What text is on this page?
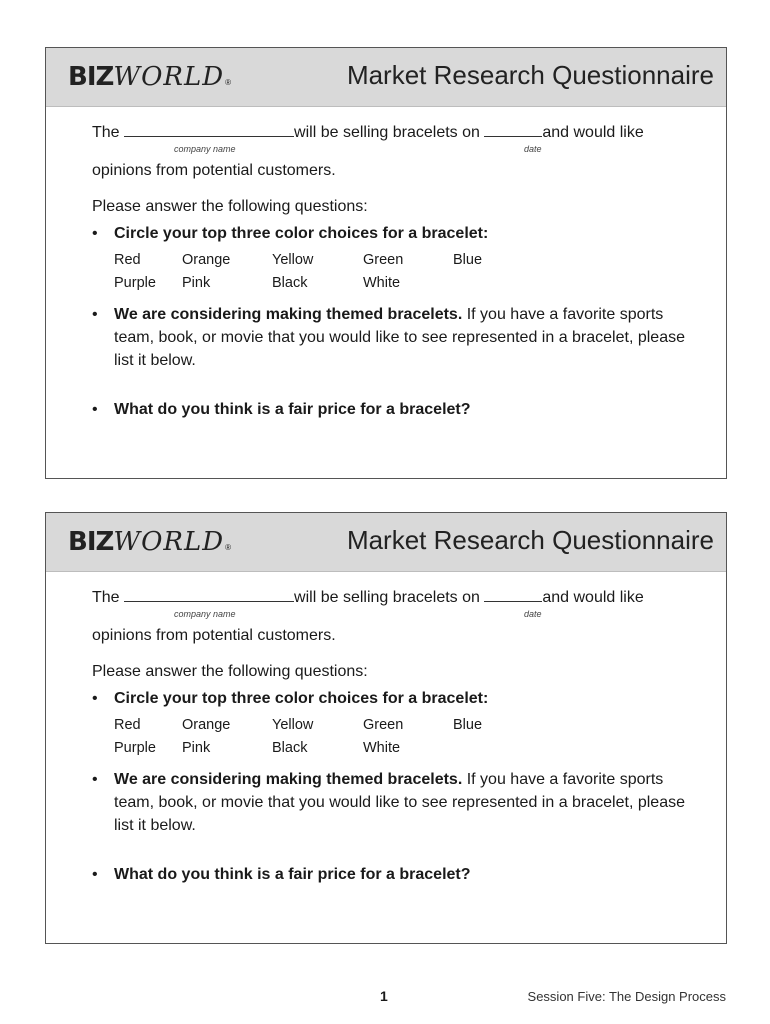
BIZ WORLD ®	Market Research Questionnaire
The	will be selling bracelets on	and would like
company name	date

opinions from potential customers.

Please answer the following questions:

• Circle your top three color choices for a bracelet:
Red	Orange	Yellow	Green	Blue
Purple	Pink	Black	White
• We are considering making themed bracelets. If you have a favorite sports team, book, or movie that you would like to see represented in a bracelet, please list it below.
• What do you think is a fair price for a bracelet?
BIZ WORLD ®	Market Research Questionnaire
The	will be selling bracelets on	and would like
company name	date

opinions from potential customers.

Please answer the following questions:

• Circle your top three color choices for a bracelet:
Red	Orange	Yellow	Green	Blue
Purple	Pink	Black	White
• We are considering making themed bracelets. If you have a favorite sports team, book, or movie that you would like to see represented in a bracelet, please list it below.
• What do you think is a fair price for a bracelet?
1	Session Five: The Design Process
